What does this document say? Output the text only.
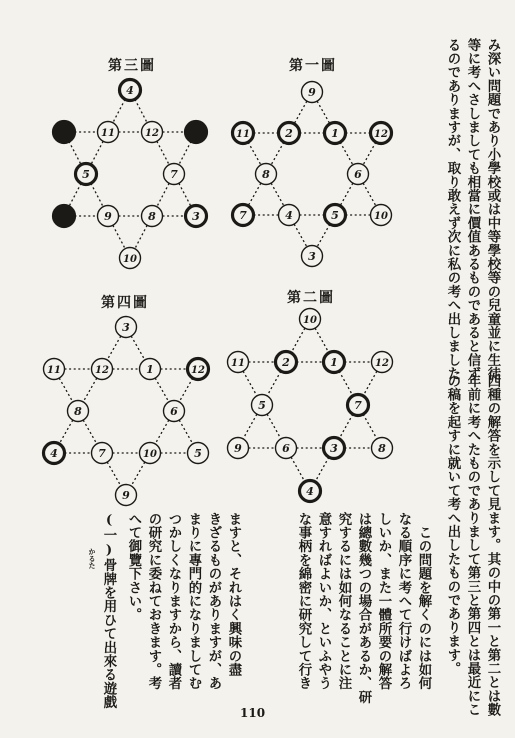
第三圖
4
11	12
7
5
9	8	3
10
第一圖
9
2	1
6
8
4	5	10
3
11	12
7
第四圖
3
11	12	1	12
8	6
4	7	10	5
9
第二圖
10
11	2	1	12
5	7
9	6	3	8
4
み深い問題であり小學校或は中等學校等の兒童並に生徒
等に考へさしましても相當に價值あるものであると信ず
るのでありますが、取り敢えず次に私の考へ出しました
四種の解答を示して見ます。其の中の第一と第二とは數
年前に考へたものでありまして第三と第四とは最近にこ
の稿を起すに就いて考へ出したものであります。
　この問題を解くのには如何
なる順序に考へて行けばよろ
しいか、また一體所要の解答
は總數幾つの場合があるか、研
究するには如何なることに注
意すればよいか、といふやう
な事柄を綿密に研究して行き
ますと、それはく興味の盡
きざるものがありますが、あ
まりに專門的になりましてむ
つかしくなりますから、讀者
の研究に委ねておきます。考
へて御覽下さい。
(一)骨牌を用ひて出來る遊戲
かるた
110
